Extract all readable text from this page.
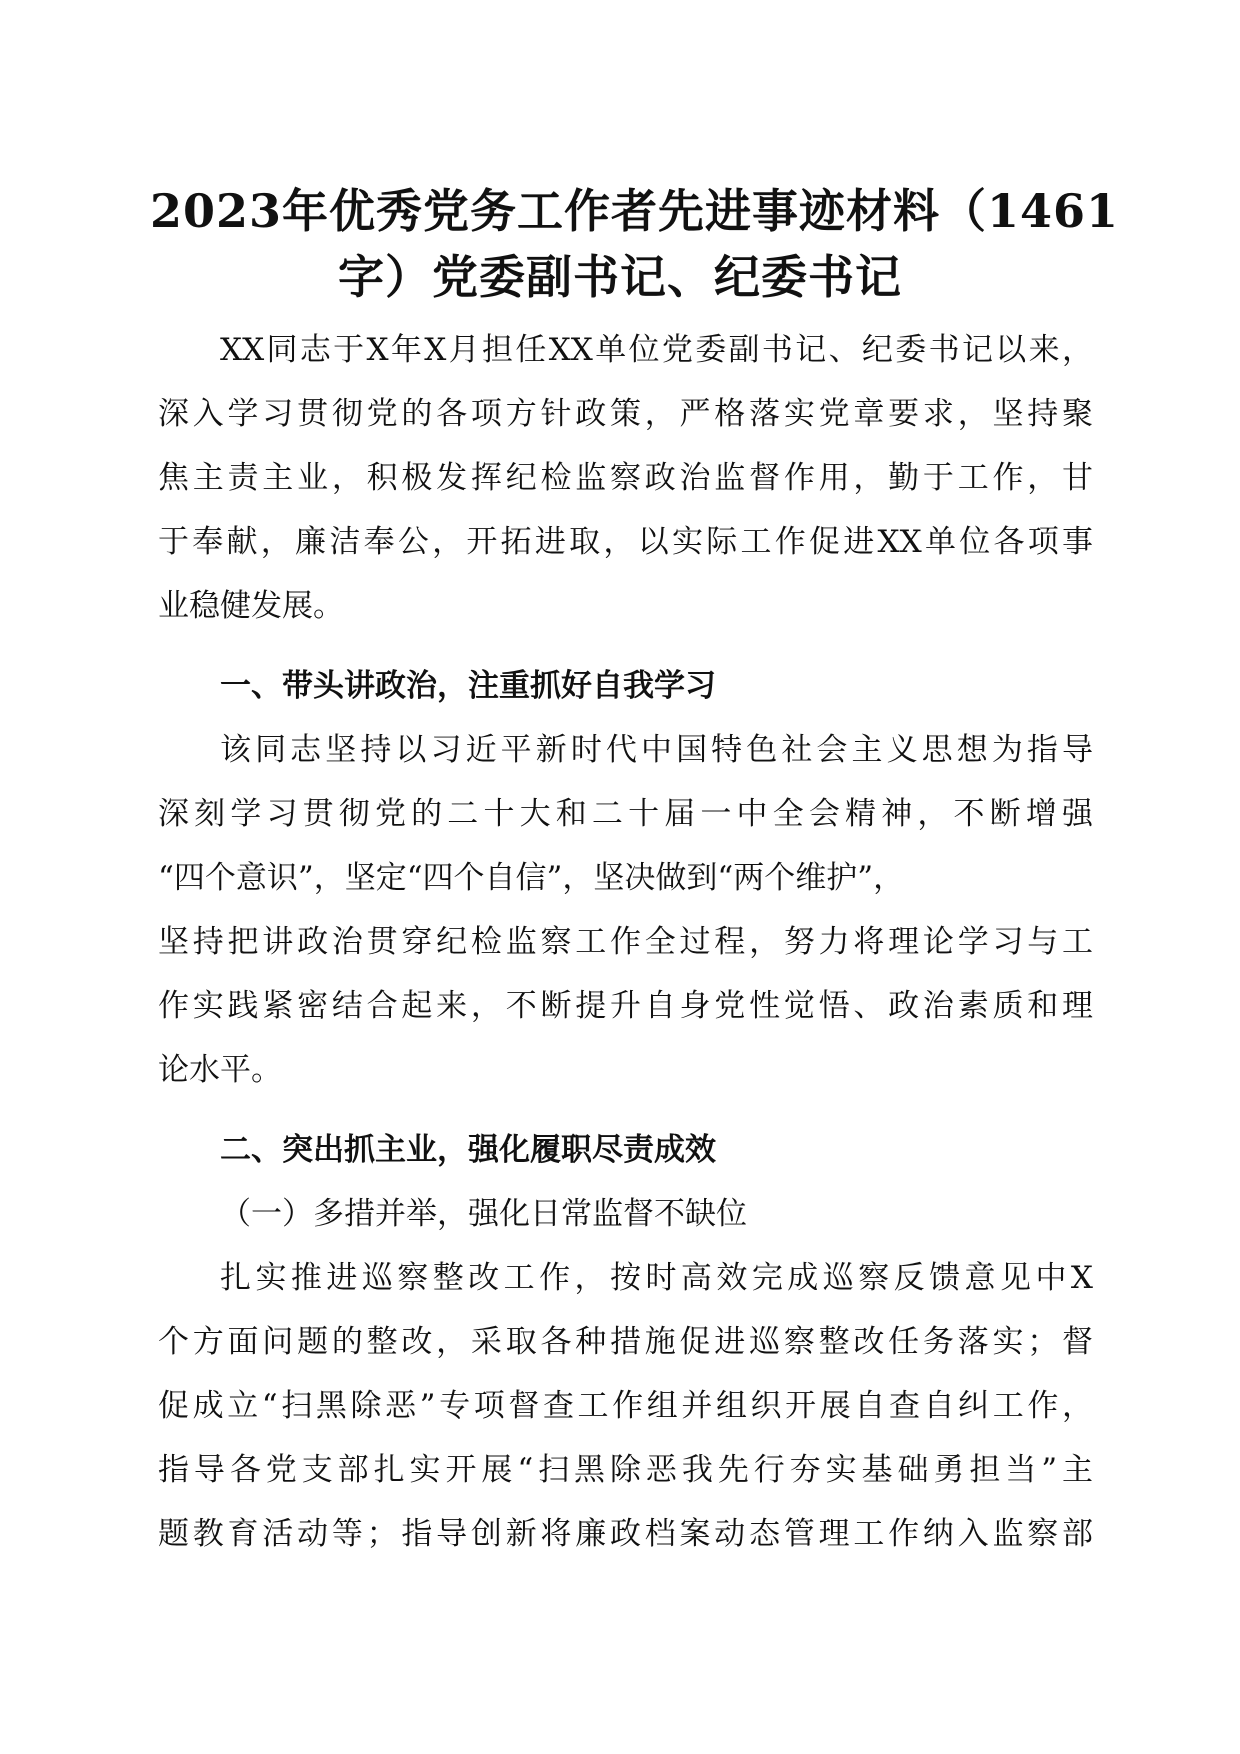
2023年优秀党务工作者先进事迹材料（1461
字）党委副书记、纪委书记
XX同志于X年X月担任XX单位党委副书记、纪委书记以来，
深入学习贯彻党的各项方针政策，严格落实党章要求，坚持聚
焦主责主业，积极发挥纪检监察政治监督作用，勤于工作，甘
于奉献，廉洁奉公，开拓进取，以实际工作促进XX单位各项事
业稳健发展。
一、带头讲政治，注重抓好自我学习
该同志坚持以习近平新时代中国特色社会主义思想为指导
深刻学习贯彻党的二十大和二十届一中全会精神，不断增强
“四个意识”，坚定“四个自信”，坚决做到“两个维护”，
坚持把讲政治贯穿纪检监察工作全过程，努力将理论学习与工
作实践紧密结合起来，不断提升自身党性觉悟、政治素质和理
论水平。
二、突出抓主业，强化履职尽责成效
（一）多措并举，强化日常监督不缺位
扎实推进巡察整改工作，按时高效完成巡察反馈意见中X
个方面问题的整改，采取各种措施促进巡察整改任务落实；督
促成立“扫黑除恶”专项督查工作组并组织开展自查自纠工作，
指导各党支部扎实开展“扫黑除恶我先行夯实基础勇担当”主
题教育活动等；指导创新将廉政档案动态管理工作纳入监察部
